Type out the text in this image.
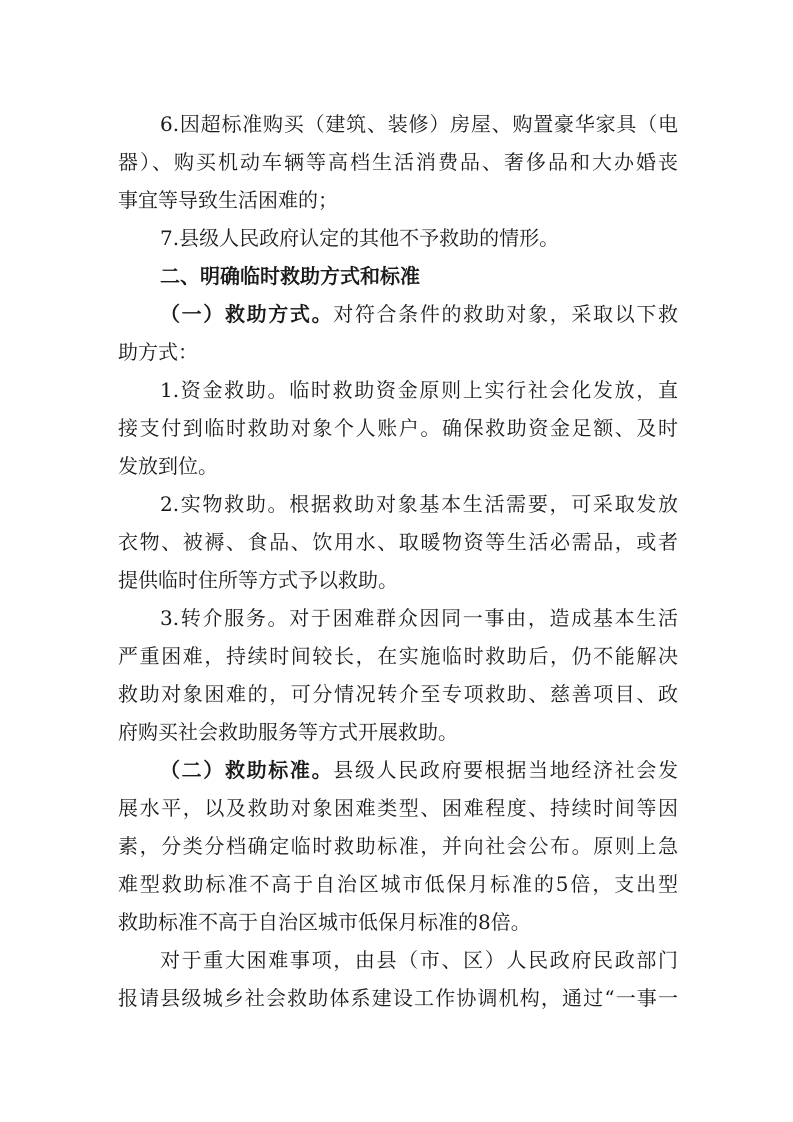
6.因超标准购买（建筑、装修）房屋、购置豪华家具（电
器）、购买机动车辆等高档生活消费品、奢侈品和大办婚丧
事宜等导致生活困难的；
7.县级人民政府认定的其他不予救助的情形。
二、明确临时救助方式和标准
（一）救助方式。对符合条件的救助对象，采取以下救
助方式：
1.资金救助。临时救助资金原则上实行社会化发放，直
接支付到临时救助对象个人账户。确保救助资金足额、及时
发放到位。
2.实物救助。根据救助对象基本生活需要，可采取发放
衣物、被褥、食品、饮用水、取暖物资等生活必需品，或者
提供临时住所等方式予以救助。
3.转介服务。对于困难群众因同一事由，造成基本生活
严重困难，持续时间较长，在实施临时救助后，仍不能解决
救助对象困难的，可分情况转介至专项救助、慈善项目、政
府购买社会救助服务等方式开展救助。
（二）救助标准。县级人民政府要根据当地经济社会发
展水平，以及救助对象困难类型、困难程度、持续时间等因
素，分类分档确定临时救助标准，并向社会公布。原则上急
难型救助标准不高于自治区城市低保月标准的5倍，支出型
救助标准不高于自治区城市低保月标准的8倍。
对于重大困难事项，由县（市、区）人民政府民政部门
报请县级城乡社会救助体系建设工作协调机构，通过“一事一
